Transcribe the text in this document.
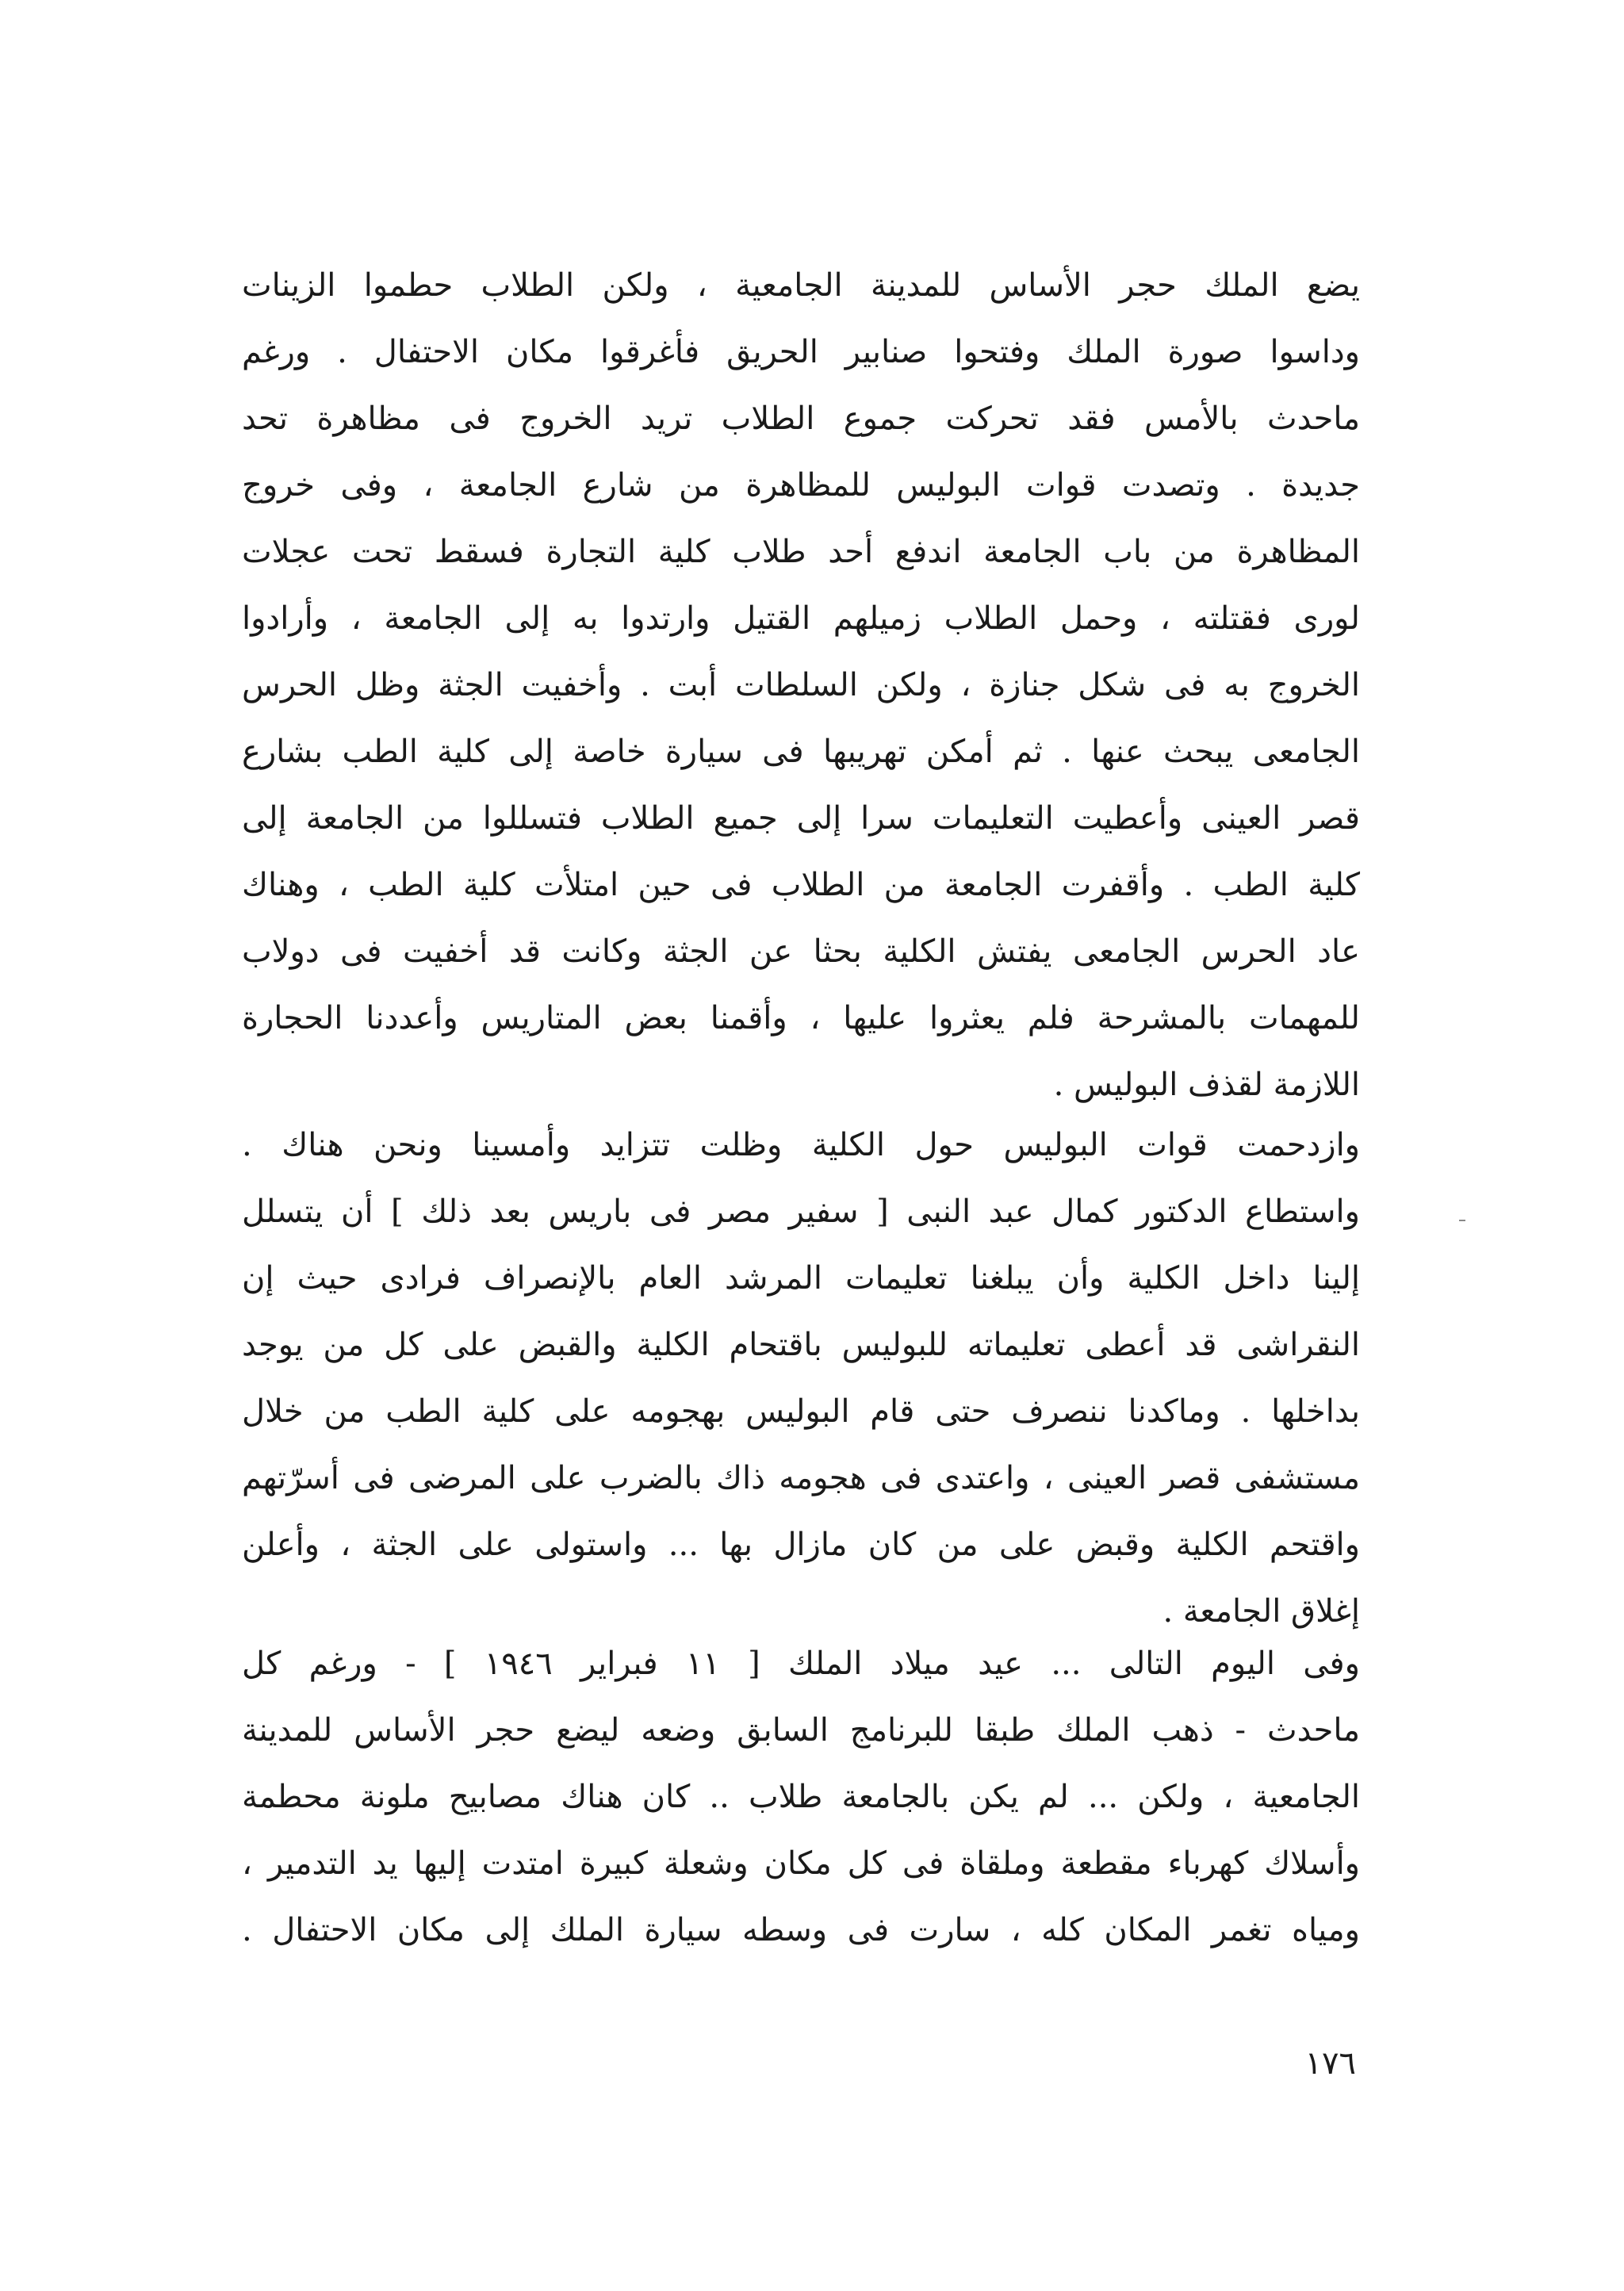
يضع الملك حجر الأساس للمدينة الجامعية ، ولكن الطلاب حطموا الزينات
وداسوا صورة الملك وفتحوا صنابير الحريق فأغرقوا مكان الاحتفال . ورغم
ماحدث بالأمس فقد تحركت جموع الطلاب تريد الخروج فى مظاهرة تحد
جديدة . وتصدت قوات البوليس للمظاهرة من شارع الجامعة ، وفى خروج
المظاهرة من باب الجامعة اندفع أحد طلاب كلية التجارة فسقط تحت عجلات
لورى فقتلته ، وحمل الطلاب زميلهم القتيل وارتدوا به إلى الجامعة ، وأرادوا
الخروج به فى شكل جنازة ، ولكن السلطات أبت . وأخفيت الجثة وظل الحرس
الجامعى يبحث عنها . ثم أمكن تهريبها فى سيارة خاصة إلى كلية الطب بشارع
قصر العينى وأعطيت التعليمات سرا إلى جميع الطلاب فتسللوا من الجامعة إلى
كلية الطب . وأقفرت الجامعة من الطلاب فى حين امتلأت كلية الطب ، وهناك
عاد الحرس الجامعى يفتش الكلية بحثا عن الجثة وكانت قد أخفيت فى دولاب
للمهمات بالمشرحة فلم يعثروا عليها ، وأقمنا بعض المتاريس وأعددنا الحجارة
اللازمة لقذف البوليس .
وازدحمت قوات البوليس حول الكلية وظلت تتزايد وأمسينا ونحن هناك .
واستطاع الدكتور كمال عبد النبى [ سفير مصر فى باريس بعد ذلك ] أن يتسلل
إلينا داخل الكلية وأن يبلغنا تعليمات المرشد العام بالإنصراف فرادى حيث إن
النقراشى قد أعطى تعليماته للبوليس باقتحام الكلية والقبض على كل من يوجد
بداخلها . وماكدنا ننصرف حتى قام البوليس بهجومه على كلية الطب من خلال
مستشفى قصر العينى ، واعتدى فى هجومه ذاك بالضرب على المرضى فى أسرّتهم
واقتحم الكلية وقبض على من كان مازال بها ... واستولى على الجثة ، وأعلن
إغلاق الجامعة .
وفى اليوم التالى ... عيد ميلاد الملك [ ١١ فبراير ١٩٤٦ ] - ورغم كل
ماحدث - ذهب الملك طبقا للبرنامج السابق وضعه ليضع حجر الأساس للمدينة
الجامعية ، ولكن ... لم يكن بالجامعة طلاب .. كان هناك مصابيح ملونة محطمة
وأسلاك كهرباء مقطعة وملقاة فى كل مكان وشعلة كبيرة امتدت إليها يد التدمير ،
ومياه تغمر المكان كله ، سارت فى وسطه سيارة الملك إلى مكان الاحتفال .
١٧٦
